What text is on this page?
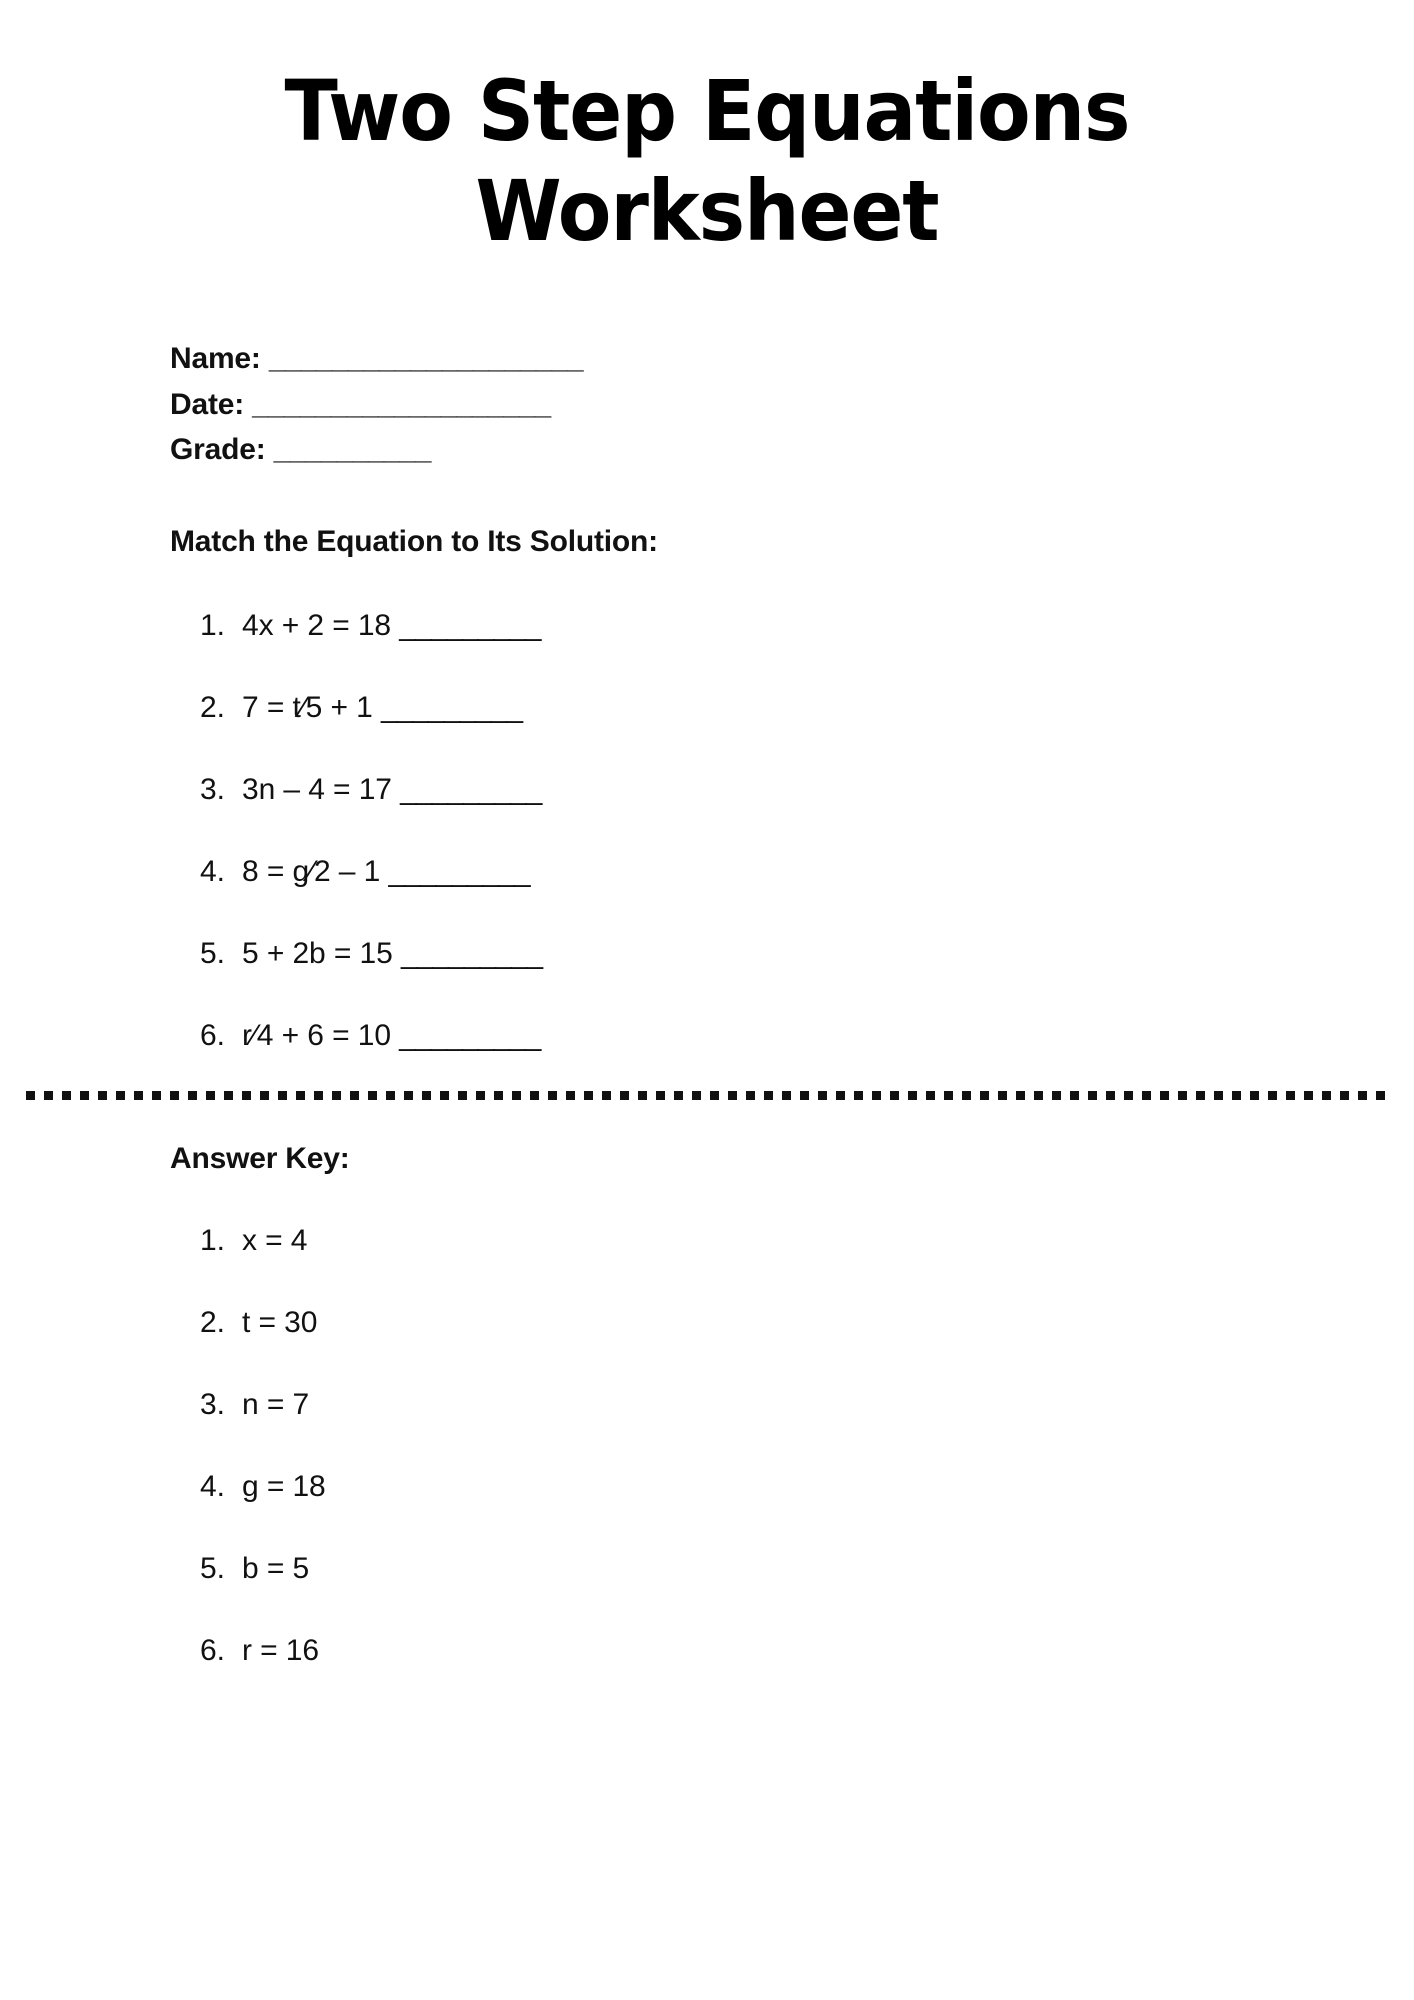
Two Step Equations Worksheet
Name: ____________________
Date: ___________________
Grade: __________
Match the Equation to Its Solution:
1. 4x + 2 = 18 _________
2. 7 = t⁄5 + 1 _________
3. 3n – 4 = 17 _________
4. 8 = g⁄2 – 1 _________
5. 5 + 2b = 15 _________
6. r⁄4 + 6 = 10 _________
Answer Key:
1. x = 4
2. t = 30
3. n = 7
4. g = 18
5. b = 5
6. r = 16
